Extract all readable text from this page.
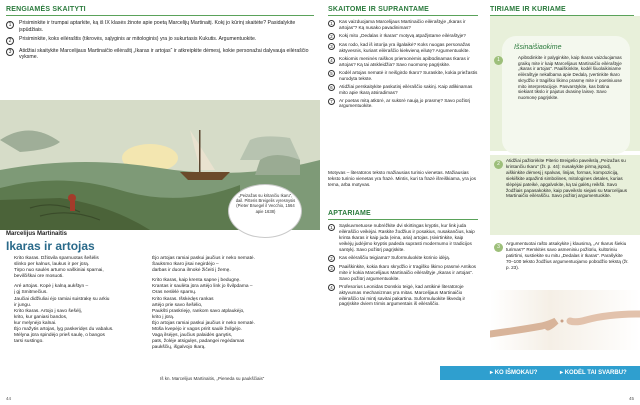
RENGIAMĖS SKAITYTI
1	Prisiminkite ir trumpai aptarkite, ką iš IX klasės žinote apie poetą Marcelijų Martinaitį. Kokį jo kūrinį skaitėte? Pasidalykite įspūdžiais.
2	Prisiminkite, koks eilėraštis (tikrovės, sąlyginis ar mitologinis) yra jo sukurtasis Kukutis. Argumentuokite.
3	Atidžiai skaitykite Marcelijaus Martinaičio eilėraštį „Ikaras ir artojas“ ir atkreipkite dėmesį, kokie personažai dalyvauja eilėraščio vyksme.
„Peizažas su kritančiu Ikaru“, dail. Pitteris Breigelis vyresnysis (Pieter Bruegel il Vecchio, 1564 apie 1638)
Marcelijus Martinaitis
Ikaras ir artojas
Krito Ikaras. Džiūvila sparnuotas šešėlis
slinko per kalnus, laukus ir per jūrą.
Tirpo nuo saulės artumo vaškiniai sparnai,
bevilčiškai ore mosuoti.
Aré artojas. Kopė į kalną aukštyn –
į gį Smitmečius.
Jaučiai didžiuliai ėjo ramiai suistrakę su arkiu
ir jungu.
Krito Ikaras. Artojo į savo šešėlį,
krito, kur ganiasi bandos,
kur melynėjo kalnai.
Ėjo mažytis artojas, lyg paskeridęs du vabalus.
Mėlyna jūra spindėjo prieš saulę, o bangos
tarsi sustingo.
Ėjo artojas ramiai paskui jaučius ir neko nematė.
Šauksmo Ikaro jisai negirdėjo –
darbas ir duona ilmokė žičeiti į žemę.
Krito Ikaras, kaip krenta sapne į bedugnę.
Krantas ir saulėta jūra artėjo link jo švilpdama –
Oras neslėlė sparnų.
Krito Ikaras. Išskėdęs rankas
artėjo prie savo šešėlio,
Paukšti praskrieję, rankom savo atplaukėjo,
krito į jūrą.
Ėjo artojas ramiai paskui jaučius ir neko nematė.
Mūša kvepėjo ir vagos pririt saulė žvilgėjo.
Vagą ilsėjęs, jaučius palaidės ganytis,
pats, žolėje atsigulęs, padangei regėdamas
paukščių, išgalvojo Ikarą.
Iš kn. Marcelijus Martinaitis, „Pieneda su paukščiais“
44
SKAITOME IR SUPRANTAME
1	Kas vaizduojama Marcelijaus Martinaičio eilėraštyje „Ikaras ir artojas“? Ką nusako pavadinimas?
2	Kokį mito „Dedalas ir Ikaras“ motyvą atpažįstame eilėraštyje?
3	Kas rodo, kad iš istorija yra ilgalaikė? Koks nuogas personažas aktyvesnis, kuriant eilėraščio kiekvieną eilutę? Argumentuokite.
4	Kokiomis meninės raiškos priemonėmis apibūdinamas Ikaras ir artojas? Ką tai atskleidžia? Savo nuomonę pagrįskite.
5	Kodėl artojas nematė ir neišgirdo Ikaro? Suraskite, kokia priežastis nurodyta tekste.
6	Atidžiai perskaitykite paskutinį eilėraščio sakinį. Kaip atlikinamas mito apie Ikarą atsiradimas?
7	Ar poetas mitą atkūrė, ar sukūrė naują jo prasmę? Savo požiūrį argumentuokite.
Motyvas – literatūros teksto mažiausias turinio vienetas. Mažiausias teksto turinio vienetas yra frazė. Mintis, kuri ta frazė išreiškiama, yra jos tema, arba motyvas.
APTARIAME
1	Sąskuvmetuose nubrėžkite dvi skirtingas kryptis, kur link juda eilėraščio veikėjai. Raskite žodžius ir posakius, nusakančius, kaip krinta Ikaras ir kaip juda (eina, aria) artojas. Įsivirtinkite, kaip veikėjų judėjimo kryptis padeda suprasti modernumo ir tradicijos santykį. Savo požiūrį pagrįskite.
2	Kas eilėraščiu teigiama? Suformuluokite kūrinio idėją.
3	Paaiškinkite, kokia Ikaro skrydžio ir tragiško likimo prasmė Antikos mite ir kokia Marcelijaus Martinaičio eilėraštyje „Ikaras ir artojas“. Savo požiūrį argumentuokite.
4	Profesorius Leonidas Donskio teigė, kad antikinė literatūroje aktyvumas mechanizmas yra mitas. Marcelijaus Martinaičio eilėraščio tai mintį savitai pakartina. Suformuluokite likvedą ir pagrįskite dviem trimis argumentais iš eilėraščio.
TIRIAME IR KURIAME
Išsinaišiaokime
Apibūdinkite ir palyginkite, kaip Ikaras vaizduojamas graikų mite ir kaip Marcelijaus Martinaičio eilėraštyje „Ikaras ir artojas“. Paaiškinkite, kodėl šiuolaikiniame eilėraštyje nekalbama apie Dedalą. Įvertinkite Ikaro skrydžio ir tragiško likimo prasmę mite ir poetiniuose mito interpretacijoje. Pasvarstykite, kas būtina siekiant tikslo ir pajutus dvasinę laisvę. Savo nuomonę pagrįskite.
1
2
Atidžiai pažiūrėkite Piterio Breigelio paveikslą „Peizažas su krintančiu Ikaru“ (žr. p. 44): nusakykite pirmą įspūdį, aiškinkite dėmesį į spalvas, linijas, formas, kompoziciją, siekiškite atpažinti simbolines, mitologines detales, kurias slėpėjai pateikė, apgalvokite, ką tai galėtų reikšti. Savo žodžiais papasakokite, kaip paveikslo siejasi su Marcelijaus Martinaičio eilėraščiu. Savo požiūrį argumentuokite.
3
Argumentuotai rašto atsakykite į klausimą, „Ar Ikarus šiekiu turimas?“ Remkitės savo asmeniniu požiūriu, kultūriniu patirtimi, sustiekite su mitu „Dedalas ir Ikaras“. Parašykite 70–100 teksto žodžius argumentuojamo pobūdžio tekstą (žr. p. 23).
▸ KO IŠMOKAU?	▸ KODĖL TAI SVARBU?
45
